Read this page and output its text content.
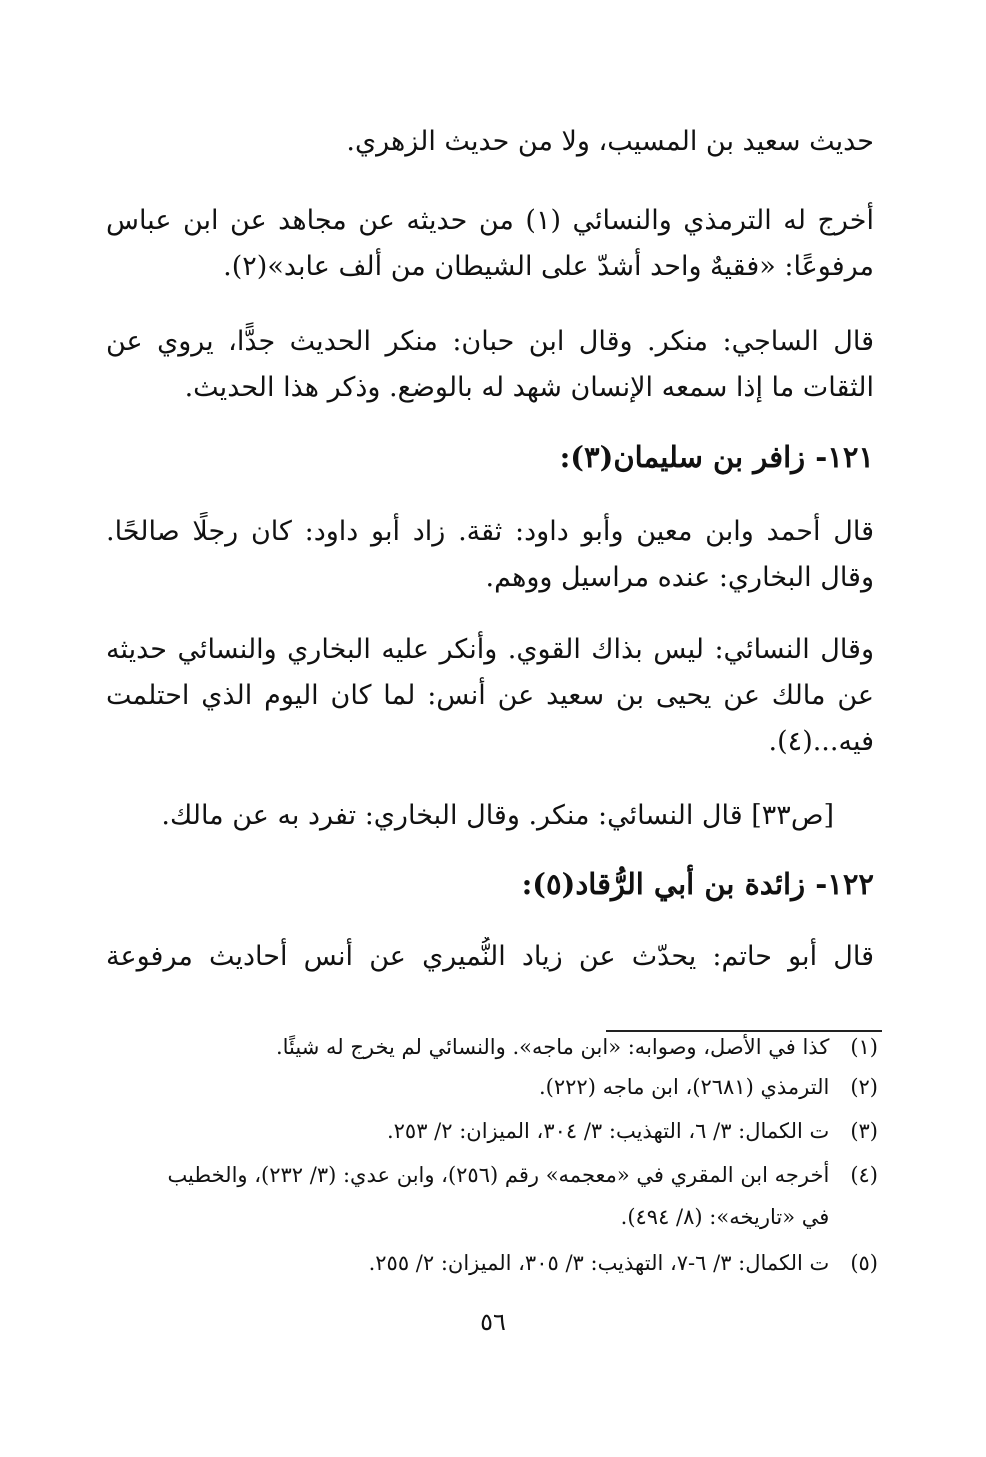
حديث سعيد بن المسيب، ولا من حديث الزهري.
أخرج له الترمذي والنسائي (١) من حديثه عن مجاهد عن ابن عباس
مرفوعًا: «فقيهٌ واحد أشدّ على الشيطان من ألف عابد»(٢).
قال الساجي: منكر. وقال ابن حبان: منكر الحديث جدًّا، يروي عن
الثقات ما إذا سمعه الإنسان شهد له بالوضع. وذكر هذا الحديث.
١٢١- زافر بن سليمان(٣):
قال أحمد وابن معين وأبو داود: ثقة. زاد أبو داود: كان رجلًا صالحًا.
وقال البخاري: عنده مراسيل ووهم.
وقال النسائي: ليس بذاك القوي. وأنكر عليه البخاري والنسائي حديثه
عن مالك عن يحيى بن سعيد عن أنس: لما كان اليوم الذي احتلمت
فيه...(٤).
[ص٣٣] قال النسائي: منكر. وقال البخاري: تفرد به عن مالك.
١٢٢- زائدة بن أبي الرُّقاد(٥):
قال أبو حاتم: يحدّث عن زياد النُّميري عن أنس أحاديث مرفوعة
(١) كذا في الأصل، وصوابه: «ابن ماجه». والنسائي لم يخرج له شيئًا.
(٢) الترمذي (٢٦٨١)، ابن ماجه (٢٢٢).
(٣) ت الكمال: ٣/ ٦، التهذيب: ٣/ ٣٠٤، الميزان: ٢/ ٢٥٣.
(٤) أخرجه ابن المقري في «معجمه» رقم (٢٥٦)، وابن عدي: (٣/ ٢٣٢)، والخطيب
في «تاريخه»: (٨/ ٤٩٤).
(٥) ت الكمال: ٣/ ٦-٧، التهذيب: ٣/ ٣٠٥، الميزان: ٢/ ٢٥٥.
٥٦
